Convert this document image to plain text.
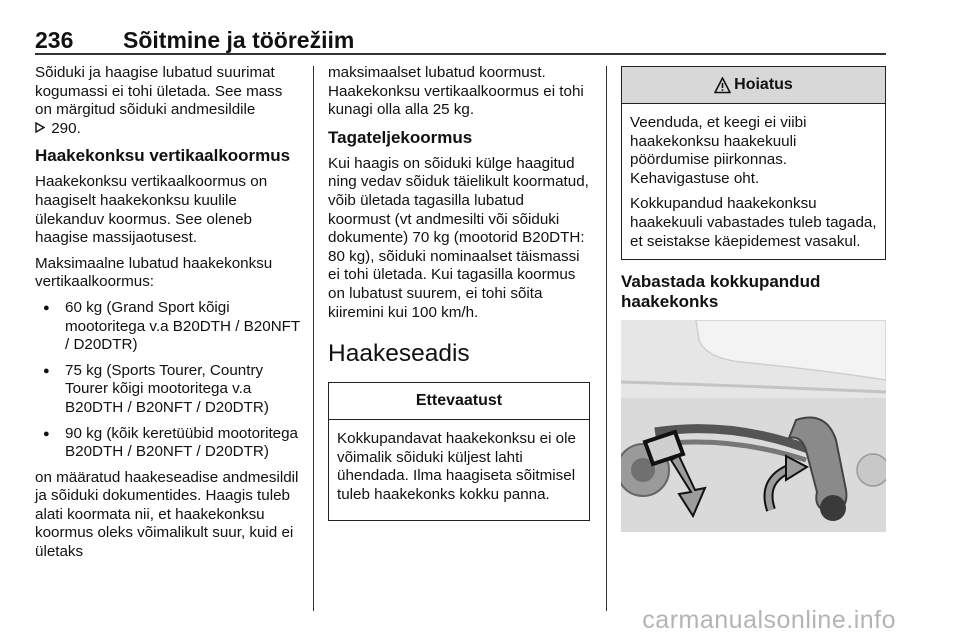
236 Sõitmine ja töörežiim

Sõiduki ja haagise lubatud suurimat kogumassi ei tohi ületada. See mass on märgitud sõiduki andmesildile
290.

Haakekonksu vertikaalkoormus

Haakekonksu vertikaalkoormus on haagiselt haakekonksu kuulile ülekanduv koormus. See oleneb haagise massijaotusest.

Maksimaalne lubatud haakekonksu vertikaalkoormus:

● 60 kg (Grand Sport kõigi mootoritega v.a B20DTH / B20NFT / D20DTR)
● 75 kg (Sports Tourer, Country Tourer kõigi mootoritega v.a B20DTH / B20NFT / D20DTR)
● 90 kg (kõik keretüübid mootoritega B20DTH / B20NFT / D20DTR)

on määratud haakeseadise andmesildil ja sõiduki dokumentides. Haagis tuleb alati koormata nii, et haakekonksu koormus oleks võimalikult suur, kuid ei ületaks

maksimaalset lubatud koormust. Haakekonksu vertikaalkoormus ei tohi kunagi olla alla 25 kg.

Tagateljekoormus

Kui haagis on sõiduki külge haagitud ning vedav sõiduk täielikult koormatud, võib ületada tagasilla lubatud koormust (vt andmesilti või sõiduki dokumente) 70 kg (mootorid B20DTH: 80 kg), sõiduki nominaalset täismassi ei tohi ületada. Kui tagasilla koormus on lubatust suurem, ei tohi sõita kiiremini kui 100 km/h.

Haakeseadis
Ettevaatust

Kokkupandavat haakekonksu ei ole võimalik sõiduki küljest lahti ühendada. Ilma haagiseta sõitmisel tuleb haakekonks kokku panna.

Hoiatus

Veenduda, et keegi ei viibi haakekonksu haakekuuli pöördumise piirkonnas. Kehavigastuse oht.

Kokkupandud haakekonksu haakekuuli vabastades tuleb tagada, et seistakse käepidemest vasakul.

Vabastada kokkupandud haakekonks
carmanualsonline.info
